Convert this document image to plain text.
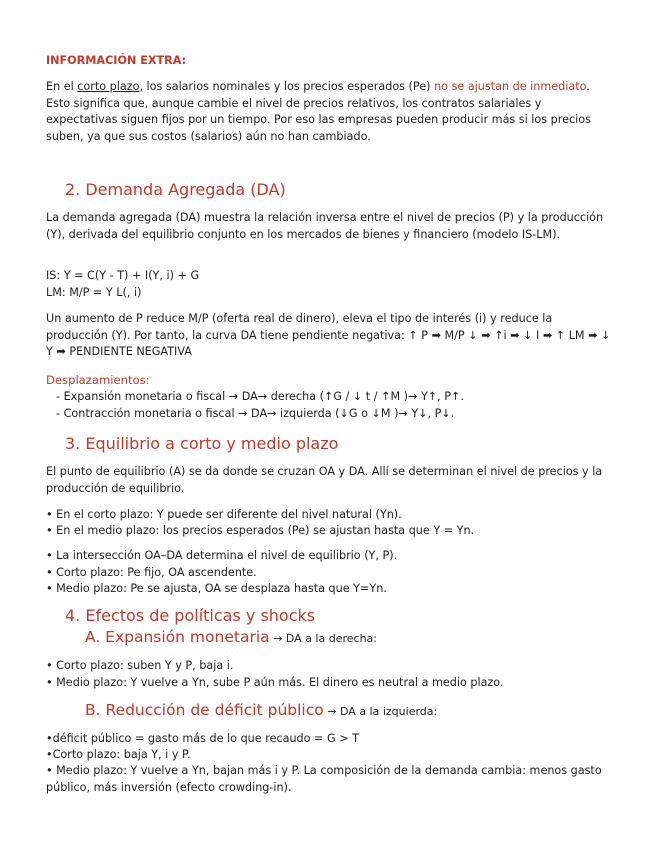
INFORMACIÓN EXTRA:

En el corto plazo, los salarios nominales y los precios esperados (Pe) no se ajustan de inmediato. Esto significa que, aunque cambie el nivel de precios relativos, los contratos salariales y expectativas siguen fijos por un tiempo. Por eso las empresas pueden producir más si los precios suben, ya que sus costos (salarios) aún no han cambiado.

2. Demanda Agregada (DA)

La demanda agregada (DA) muestra la relación inversa entre el nivel de precios (P) y la producción (Y), derivada del equilibrio conjunto en los mercados de bienes y financiero (modelo IS-LM).

IS: Y = C(Y - T) + I(Y, i) + G
LM: M/P = Y L(, i)

Un aumento de P reduce M/P (oferta real de dinero), eleva el tipo de interés (i) y reduce la producción (Y). Por tanto, la curva DA tiene pendiente negativa: ↑ P ➡ M/P ↓ ➡ ↑i ➡ ↓ I ➡ ↑ LM ➡ ↓ Y ➡ PENDIENTE NEGATIVA

Desplazamientos:
- Expansión monetaria o fiscal → DA→ derecha (↑G / ↓ t / ↑M )→ Y↑, P↑.
- Contracción monetaria o fiscal → DA→ izquierda (↓G o ↓M )→ Y↓, P↓.
3. Equilibrio a corto y medio plazo

El punto de equilibrio (A) se da donde se cruzan OA y DA. Allí se determinan el nivel de precios y la producción de equilibrio.

• En el corto plazo: Y puede ser diferente del nivel natural (Yn).
• En el medio plazo: los precios esperados (Pe) se ajustan hasta que Y = Yn.
• La intersección OA–DA determina el nivel de equilibrio (Y, P).
• Corto plazo: Pe fijo, OA ascendente.
• Medio plazo: Pe se ajusta, OA se desplaza hasta que Y=Yn.
4. Efectos de políticas y shocks
A. Expansión monetaria → DA a la derecha:
• Corto plazo: suben Y y P, baja i.
• Medio plazo: Y vuelve a Yn, sube P aún más. El dinero es neutral a medio plazo.
B. Reducción de déficit público → DA a la izquierda:
•déficit público = gasto más de lo que recaudo = G > T
•Corto plazo: baja Y, i y P.

• Medio plazo: Y vuelve a Yn, bajan más i y P. La composición de la demanda cambia: menos gasto público, más inversión (efecto crowding-in).
